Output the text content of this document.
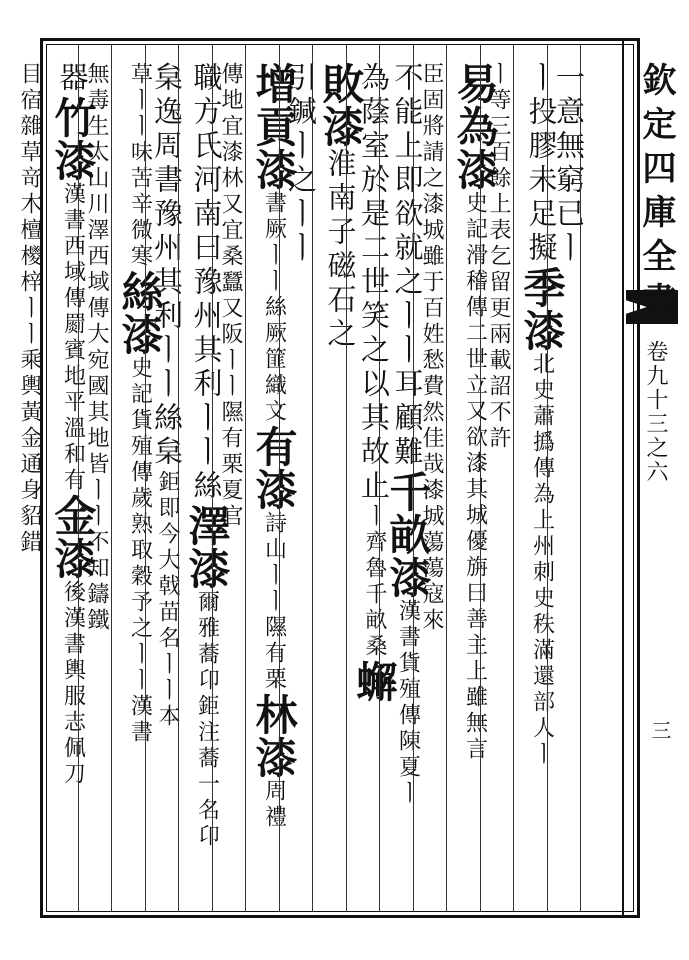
欽定四庫全書
卷九十三之六
三
一意無窮已ㅣ
ㅣ投膠未足擬季漆北史蕭撝傳為上州刺史秩滿還部人ㅣ
ㅣ等三百餘上表乞留更兩載詔不許
易為漆史記滑稽傳二世立又欲漆其城優旃曰善主上雖無言
臣固將請之漆城雖于百姓愁費然佳哉漆城蕩蕩寇來
不能上即欲就之ㅣㅣ耳顧難千畝漆漢書貨殖傳陳夏ㅣ
為蔭室於是二世笑之以其故止ㅣ齊魯千畝桑蠏
敗漆淮南子磁石之
引鍼ㅣ之ㅣㅣ
增貢漆書厥ㅣㅣ絲厥篚織文有漆詩山ㅣㅣ隰有栗林漆周禮
傳地宜漆林又宜桑蠶又阪ㅣㅣ隰有栗夏官
職方氏河南曰豫州其利ㅣㅣ絲澤漆爾雅蕎卬鉅注蕎一名卬
枲逸周書豫州其利ㅣㅣ絲枲鉅即今大戟苗名ㅣㅣ本
草ㅣㅣ味苦辛微寒絲漆史記貨殖傳歲熟取穀予之ㅣㅣ漢書
無毒生太山川澤西域傳大宛國其地皆ㅣㅣ不知鑄鐵
器竹漆漢書西域傳罽賓地平溫和有金漆後漢書輿服志佩刀
目宿雜草竒木檀㯶梓ㅣㅣ乘輿黃金通身貂錯
